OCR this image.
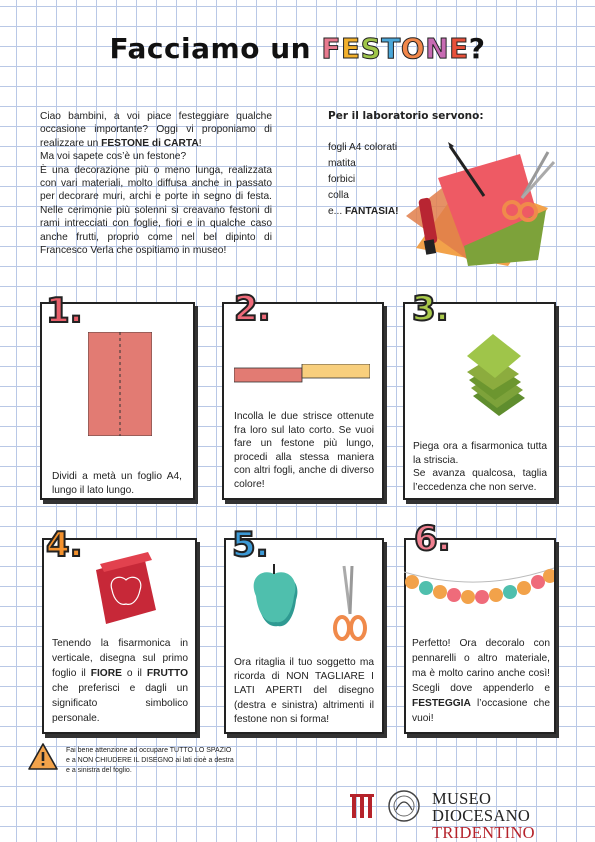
Facciamo un FESTONE?

Ciao bambini, a voi piace festeggiare qualche occasione importante? Oggi vi proponiamo di realizzare un FESTONE di CARTA!

Ma voi sapete cos’è un festone?

È una decorazione più o meno lunga, realizzata con vari materiali, molto diffusa anche in passato per decorare muri, archi e porte in segno di festa. Nelle cerimonie più solenni si creavano festoni di rami intrecciati con foglie, fiori e in qualche caso anche frutti, proprio come nel bel dipinto di Francesco Verla che ospitiamo in museo!

Per il laboratorio servono:
fogli A4 colorati
matita
forbici
colla
e... FANTASIA!
Dividi a metà un foglio A4, lungo il lato lungo.
1.
Incolla le due strisce ottenute fra loro sul lato corto. Se vuoi fare un festone più lungo, procedi alla stessa maniera con altri fogli, anche di diverso colore!
2.
Piega ora a fisarmonica tutta la striscia.
Se avanza qualcosa, taglia l’eccedenza che non serve.
3.
Tenendo la fisarmonica in verticale, disegna sul primo foglio il FIORE o il FRUTTO che preferisci e dagli un significato simbolico personale.
4.
Ora ritaglia il tuo soggetto ma ricorda di NON TAGLIARE I LATI APERTI del disegno (destra e sinistra) altrimenti il festone non si forma!
5.
Perfetto! Ora decoralo con pennarelli o altro materiale, ma è molto carino anche così! Scegli dove appenderlo e FESTEGGIA l’occasione che vuoi!
6.
Fai bene attenzione ad occupare TUTTO LO SPAZIO e a NON CHIUDERE IL DISEGNO ai lati cioè a destra e a sinistra del foglio.
MUSEO DIOCESANO
TRIDENTINO
